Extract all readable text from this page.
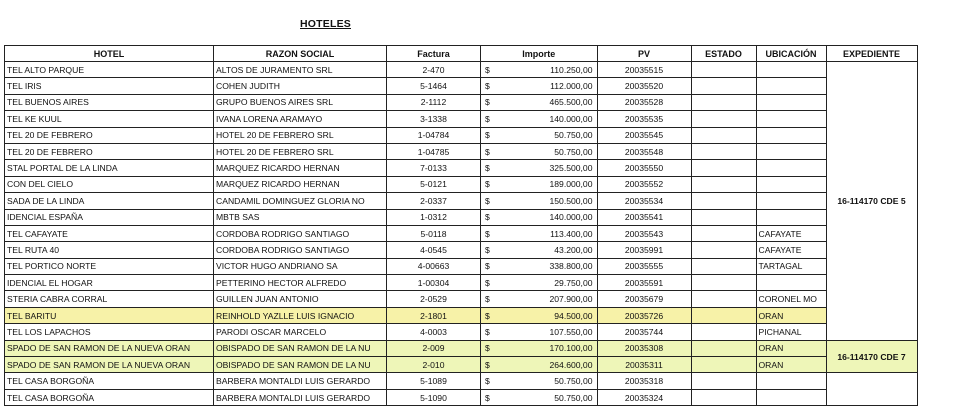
HOTELES
HOTEL	RAZON SOCIAL	Factura	Importe		PV	ESTADO	UBICACIÓN	EXPEDIENTE
TEL ALTO PARQUE	ALTOS DE JURAMENTO SRL	2-470	$	110.250,00	20035515			16-114170 CDE 5
TEL IRIS	COHEN JUDITH	5-1464	$	112.000,00	20035520			
TEL BUENOS AIRES	GRUPO BUENOS AIRES SRL	2-1112	$	465.500,00	20035528			
TEL KE KUUL	IVANA LORENA ARAMAYO	3-1338	$	140.000,00	20035535			
TEL 20 DE FEBRERO	HOTEL 20 DE FEBRERO SRL	1-04784	$	50.750,00	20035545			
TEL 20 DE FEBRERO	HOTEL 20 DE FEBRERO SRL	1-04785	$	50.750,00	20035548			
STAL PORTAL DE LA LINDA	MARQUEZ RICARDO HERNAN	7-0133	$	325.500,00	20035550			
CON DEL CIELO	MARQUEZ RICARDO HERNAN	5-0121	$	189.000,00	20035552			
SADA DE LA LINDA	CANDAMIL DOMINGUEZ GLORIA NO	2-0337	$	150.500,00	20035534			
IDENCIAL ESPAÑA	MBTB SAS	1-0312	$	140.000,00	20035541			
TEL CAFAYATE	CORDOBA RODRIGO SANTIAGO	5-0118	$	113.400,00	20035543		CAFAYATE	
TEL RUTA 40	CORDOBA RODRIGO SANTIAGO	4-0545	$	43.200,00	20035991		CAFAYATE	
TEL PORTICO NORTE	VICTOR HUGO ANDRIANO SA	4-00663	$	338.800,00	20035555		TARTAGAL	
IDENCIAL EL HOGAR	PETTERINO HECTOR ALFREDO	1-00304	$	29.750,00	20035591			
STERIA CABRA CORRAL	GUILLEN JUAN ANTONIO	2-0529	$	207.900,00	20035679		CORONEL MO	
TEL BARITU	REINHOLD YAZLLE LUIS IGNACIO	2-1801	$	94.500,00	20035726		ORAN	
TEL LOS LAPACHOS	PARODI OSCAR MARCELO	4-0003	$	107.550,00	20035744		PICHANAL	
SPADO DE SAN RAMON DE LA NUEVA ORAN	OBISPADO DE SAN RAMON DE LA NU	2-009	$	170.100,00	20035308		ORAN	16-114170 CDE 7
SPADO DE SAN RAMON DE LA NUEVA ORAN	OBISPADO DE SAN RAMON DE LA NU	2-010	$	264.600,00	20035311		ORAN	
TEL CASA BORGOÑA	BARBERA MONTALDI LUIS GERARDO	5-1089	$	50.750,00	20035318			
TEL CASA BORGOÑA	BARBERA MONTALDI LUIS GERARDO	5-1090	$	50.750,00	20035324			
